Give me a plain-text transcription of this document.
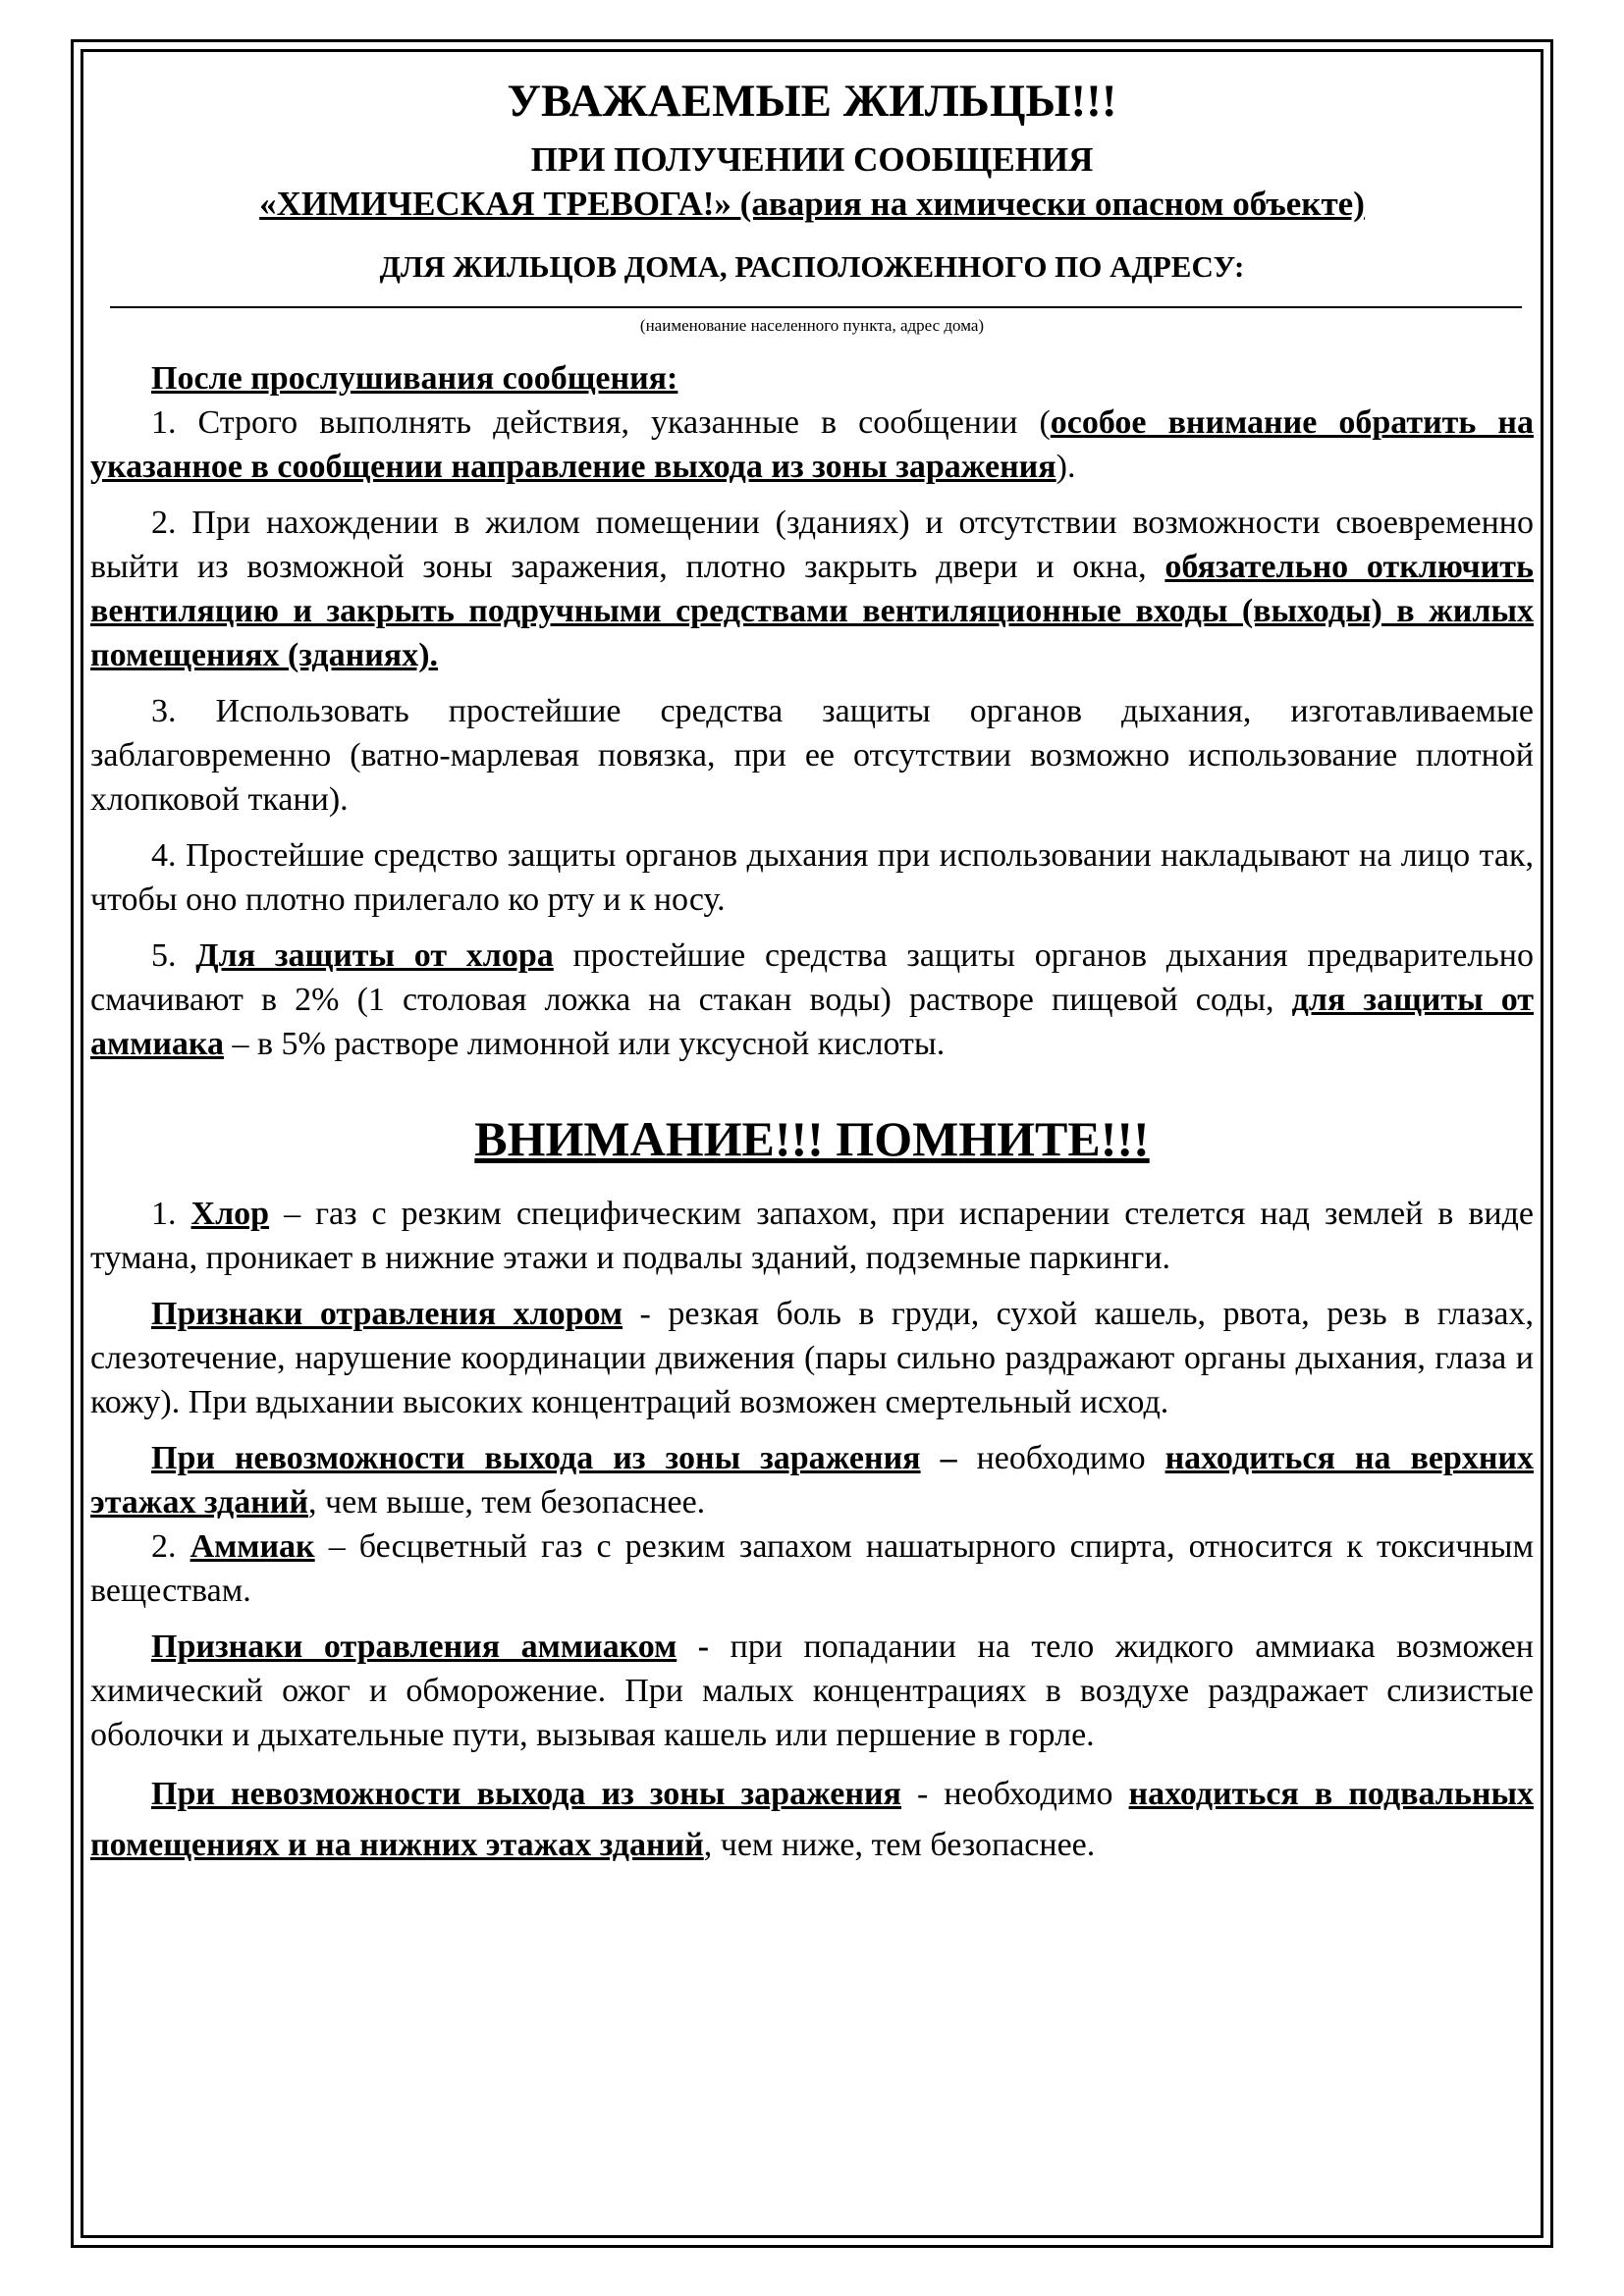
УВАЖАЕМЫЕ ЖИЛЬЦЫ!!!
ПРИ ПОЛУЧЕНИИ СООБЩЕНИЯ
«ХИМИЧЕСКАЯ ТРЕВОГА!» (авария на химически опасном объекте)
ДЛЯ ЖИЛЬЦОВ ДОМА, РАСПОЛОЖЕННОГО ПО АДРЕСУ:
(наименование населенного пункта, адрес дома)
После прослушивания сообщения:

1. Строго выполнять действия, указанные в сообщении (особое внимание обратить на указанное в сообщении направление выхода из зоны заражения).

2. При нахождении в жилом помещении (зданиях) и отсутствии возможности своевременно выйти из возможной зоны заражения, плотно закрыть двери и окна, обязательно отключить вентиляцию и закрыть подручными средствами вентиляционные входы (выходы) в жилых помещениях (зданиях).

3. Использовать простейшие средства защиты органов дыхания, изготавливаемые заблаговременно (ватно-марлевая повязка, при ее отсутствии возможно использование плотной хлопковой ткани).

4. Простейшие средство защиты органов дыхания при использовании накладывают на лицо так, чтобы оно плотно прилегало ко рту и к носу.

5. Для защиты от хлора простейшие средства защиты органов дыхания предварительно смачивают в 2% (1 столовая ложка на стакан воды) растворе пищевой соды, для защиты от аммиака – в 5% растворе лимонной или уксусной кислоты.

ВНИМАНИЕ!!! ПОМНИТЕ!!!

1. Хлор – газ с резким специфическим запахом, при испарении стелется над землей в виде тумана, проникает в нижние этажи и подвалы зданий, подземные паркинги.

Признаки отравления хлором - резкая боль в груди, сухой кашель, рвота, резь в глазах, слезотечение, нарушение координации движения (пары сильно раздражают органы дыхания, глаза и кожу). При вдыхании высоких концентраций возможен смертельный исход.

При невозможности выхода из зоны заражения – необходимо находиться на верхних этажах зданий, чем выше, тем безопаснее.

2. Аммиак – бесцветный газ с резким запахом нашатырного спирта, относится к токсичным веществам.

Признаки отравления аммиаком - при попадании на тело жидкого аммиака возможен химический ожог и обморожение. При малых концентрациях в воздухе раздражает слизистые оболочки и дыхательные пути, вызывая кашель или першение в горле.

При невозможности выхода из зоны заражения - необходимо находиться в подвальных помещениях и на нижних этажах зданий, чем ниже, тем безопаснее.
